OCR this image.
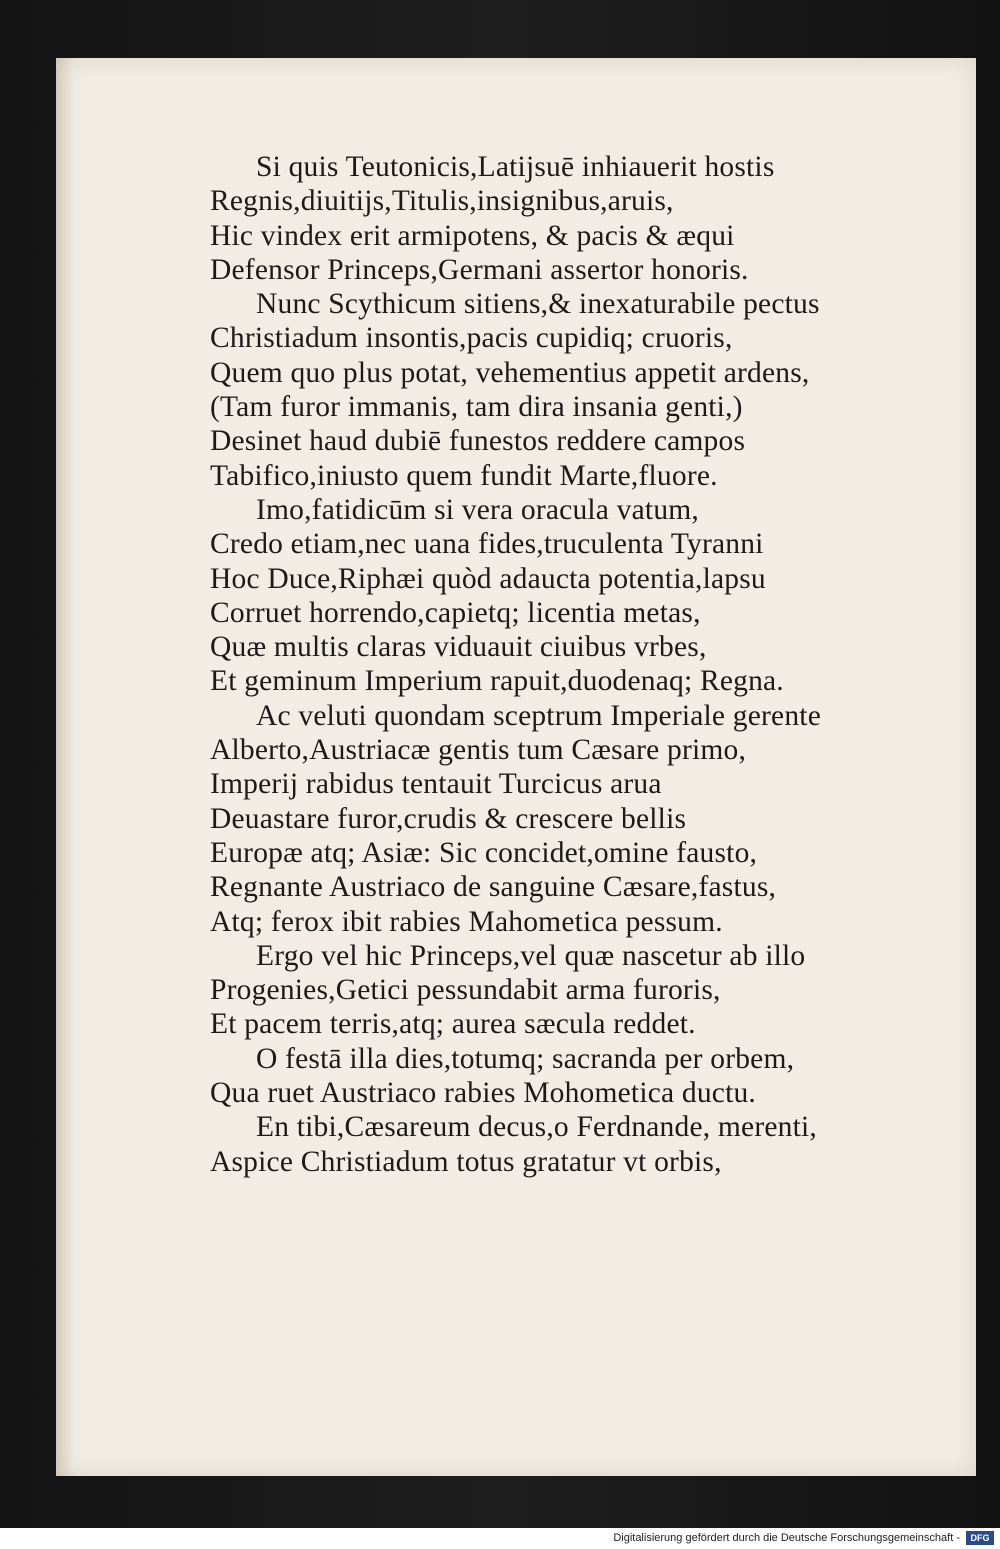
Si quis Teutonicis,Latijsuē inhiauerit hostis
Regnis,diuitijs,Titulis,insignibus,aruis,
Hic vindex erit armipotens, & pacis & æqui
Defensor Princeps,Germani assertor honoris.
Nunc Scythicum sitiens,& inexaturabile pectus
Christiadum insontis,pacis cupidiq; cruoris,
Quem quo plus potat, vehementius appetit ardens,
(Tam furor immanis, tam dira insania genti,)
Desinet haud dubiē funestos reddere campos
Tabifico,iniusto quem fundit Marte,fluore.
Imo,fatidicūm si vera oracula vatum,
Credo etiam,nec uana fides,truculenta Tyranni
Hoc Duce,Riphæi quòd adaucta potentia,lapsu
Corruet horrendo,capietq; licentia metas,
Quæ multis claras viduauit ciuibus vrbes,
Et geminum Imperium rapuit,duodenaq; Regna.
Ac veluti quondam sceptrum Imperiale gerente
Alberto,Austriacæ gentis tum Cæsare primo,
Imperij rabidus tentauit Turcicus arua
Deuastare furor,crudis & crescere bellis
Europæ atq; Asiæ: Sic concidet,omine fausto,
Regnante Austriaco de sanguine Cæsare,fastus,
Atq; ferox ibit rabies Mahometica pessum.
Ergo vel hic Princeps,vel quæ nascetur ab illo
Progenies,Getici pessundabit arma furoris,
Et pacem terris,atq; aurea sæcula reddet.
O festā illa dies,totumq; sacranda per orbem,
Qua ruet Austriaco rabies Mohometica ductu.
En tibi,Cæsareum decus,o Ferdnande, merenti,
Aspice Christiadum totus gratatur vt orbis,
Digitalisierung gefördert durch die Deutsche Forschungsgemeinschaft -	DFG
